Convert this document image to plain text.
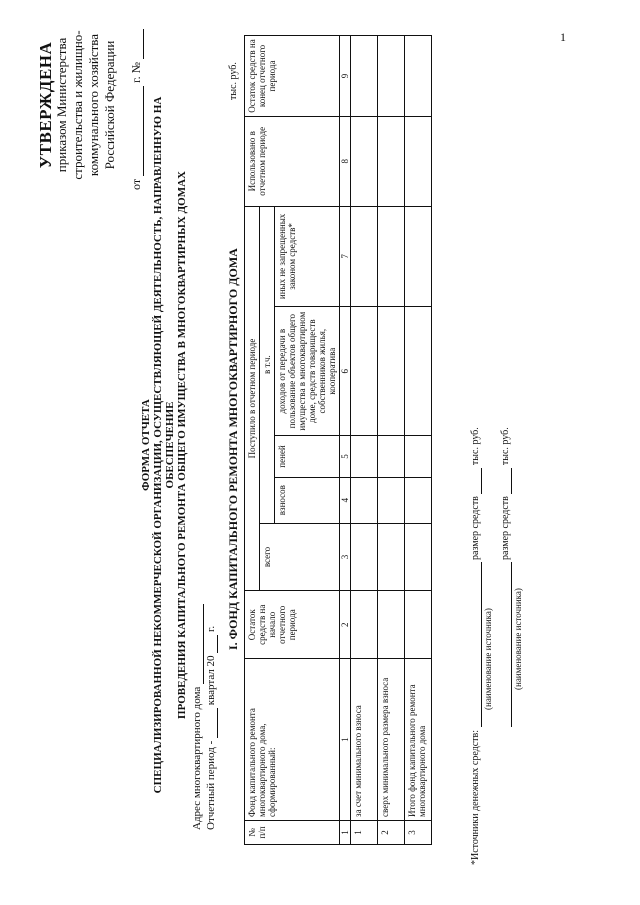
1
УТВЕРЖДЕНА приказом Министерства строительства и жилищно- коммунального хозяйства Российской Федерации
от  г. №
ФОРМА ОТЧЕТА СПЕЦИАЛИЗИРОВАННОЙ НЕКОММЕРЧЕСКОЙ ОРГАНИЗАЦИИ, ОСУЩЕСТВЛЯЮЩЕЙ ДЕЯТЕЛЬНОСТЬ, НАПРАВЛЕННУЮ НА ОБЕСПЕЧЕНИЕ ПРОВЕДЕНИЯ КАПИТАЛЬНОГО РЕМОНТА ОБЩЕГО ИМУЩЕСТВА В МНОГОКВАРТИРНЫХ ДОМАХ
Адрес многоквартирного дома Отчетный период -  квартал 20  г. I. ФОНД КАПИТАЛЬНОГО РЕМОНТА МНОГОКВАРТИРНОГО ДОМА
тыс. руб.
№ п/п	Фонд капитального ремонта многоквартирного дома, сформированный:	Остаток средств на начало отчетного периода	Поступило в отчетном периоде					Использовано в отчетном периоде	Остаток средств на конец отчетного периода
			всего	в т.ч.					
				взносов	пеней	доходов от передачи в пользование объектов общего имущества в многоквартирном доме, средств товариществ собственников жилья, кооператива	иных не запрещенных законом средств*		
1	1	2	3	4	5	6	7	8	9
1	за счет минимального взноса								
2	сверх минимального размера взноса								
3	Итого фонд капитального ремонта многоквартирного дома									*Источники денежных средств:  размер средств  тыс. руб.
(наименование источника)
размер средств  тыс. руб.
(наименование источника)
